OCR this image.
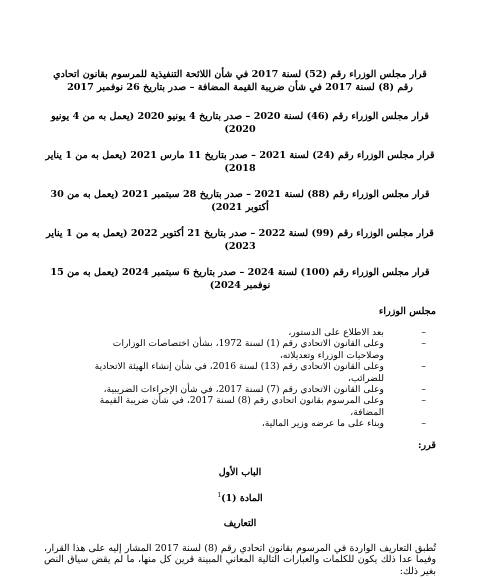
قرار مجلس الوزراء رقم (52) لسنة 2017 في شأن اللائحة التنفيذية للمرسوم بقانون اتحادي رقم (8) لسنة 2017 في شأن ضريبة القيمة المضافة – صدر بتاريخ 26 نوفمبر 2017
قرار مجلس الوزراء رقم (46) لسنة 2020 – صدر بتاريخ 4 يونيو 2020 (يعمل به من 4 يونيو 2020)
قرار مجلس الوزراء رقم (24) لسنة 2021 – صدر بتاريخ 11 مارس 2021 (يعمل به من 1 يناير 2018)
قرار مجلس الوزراء رقم (88) لسنة 2021 – صدر بتاريخ 28 سبتمبر 2021 (يعمل به من 30 أكتوبر 2021)
قرار مجلس الوزراء رقم (99) لسنة 2022 – صدر بتاريخ 21 أكتوبر 2022 (يعمل به من 1 يناير 2023)
قرار مجلس الوزراء رقم (100) لسنة 2024 – صدر بتاريخ 6 سبتمبر 2024 (يعمل به من 15 نوفمبر 2024)
مجلس الوزراء
– بعد الاطلاع على الدستور،
– وعلى القانون الاتحادي رقم (1) لسنة 1972، بشأن اختصاصات الوزارات وصلاحيات الوزراء وتعديلاته،
– وعلى القانون الاتحادي رقم (13) لسنة 2016، في شأن إنشاء الهيئة الاتحادية للضرائب،
– وعلى القانون الاتحادي رقم (7) لسنة 2017، في شأن الإجراءات الضريبية،
– وعلى المرسوم بقانون اتحادي رقم (8) لسنة 2017، في شأن ضريبة القيمة المضافة،
– وبناء على ما عرضه وزير المالية،
قرر:
الباب الأول
المادة $(1)^1$
التعاريف

تُطبق التعاريف الواردة في المرسوم بقانون اتحادي رقم (8) لسنة 2017 المشار إليه على هذا القرار، وفيما عدا ذلك يكون للكلمات والعبارات التالية المعاني المبينة قرين كل منها، ما لم يقض سياق النص بغير ذلك:
